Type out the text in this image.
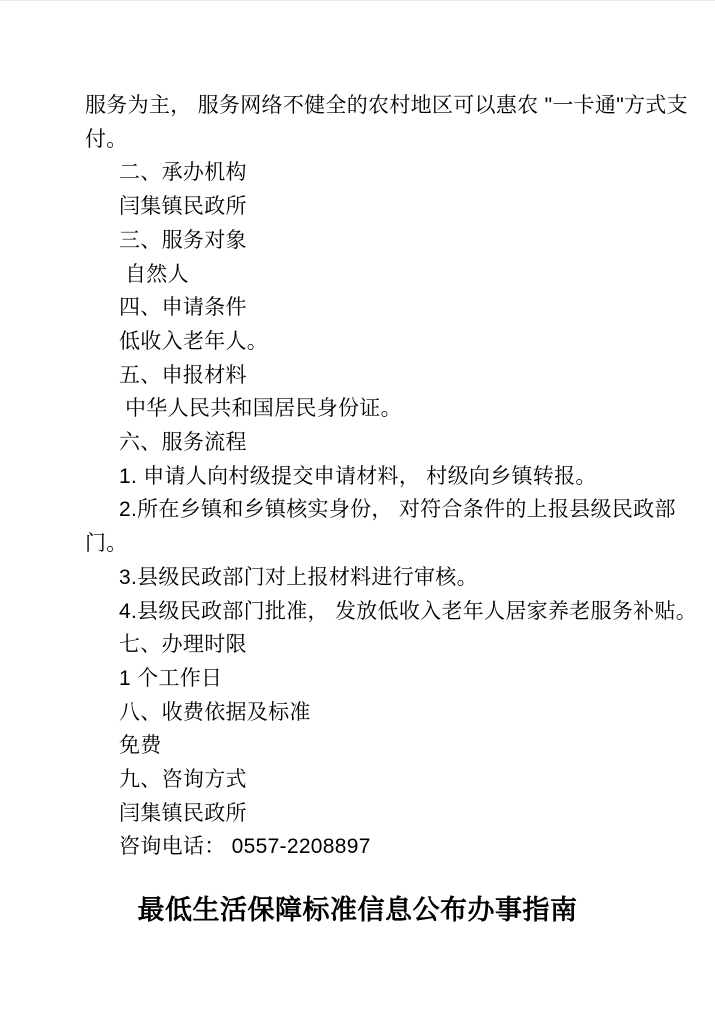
服务为主， 服务网络不健全的农村地区可以惠农 "一卡通"方式支

付。

二、承办机构

闫集镇民政所

三、服务对象

自然人

四、申请条件

低收入老年人。

五、申报材料

中华人民共和国居民身份证。

六、服务流程

1. 申请人向村级提交申请材料， 村级向乡镇转报。

2.所在乡镇和乡镇核实身份， 对符合条件的上报县级民政部

门。

3.县级民政部门对上报材料进行审核。

4.县级民政部门批准， 发放低收入老年人居家养老服务补贴。

七、办理时限

1 个工作日

八、收费依据及标准

免费

九、咨询方式

闫集镇民政所

咨询电话： 0557-2208897

最低生活保障标准信息公布办事指南
